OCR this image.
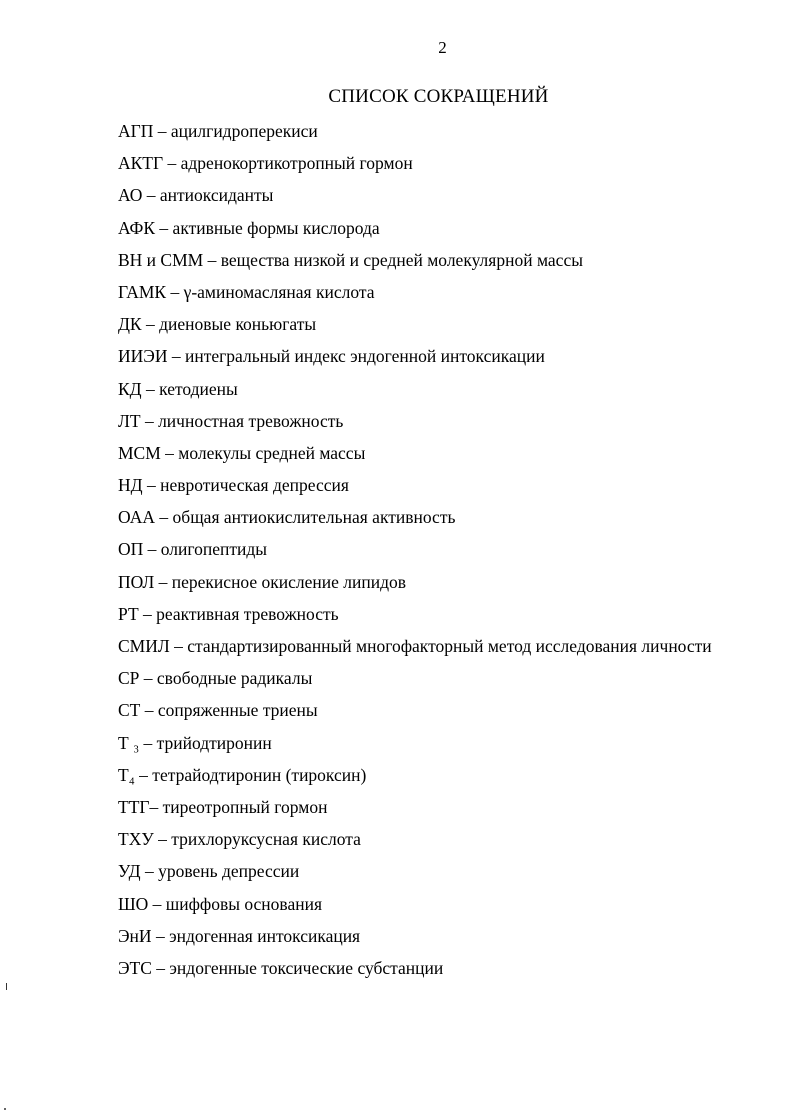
2
СПИСОК СОКРАЩЕНИЙ
АГП – ацилгидроперекиси
АКТГ – адренокортикотропный гормон
АО – антиоксиданты
АФК – активные формы кислорода
ВН и СММ – вещества низкой и средней молекулярной массы
ГАМК – γ-аминомасляная кислота
ДК – диеновые коньюгаты
ИИЭИ – интегральный индекс эндогенной интоксикации
КД – кетодиены
ЛТ – личностная тревожность
МСМ – молекулы средней массы
НД – невротическая депрессия
ОАА – общая антиокислительная активность
ОП – олигопептиды
ПОЛ – перекисное окисление липидов
РТ – реактивная тревожность
СМИЛ – стандартизированный многофакторный метод исследования личности
СР – свободные радикалы
СТ – сопряженные триены
Т ₃ – трийодтиронин
Т₄ – тетрайодтиронин (тироксин)
ТТГ– тиреотропный гормон
ТХУ – трихлоруксусная кислота
УД – уровень депрессии
ШО – шиффовы основания
ЭнИ – эндогенная интоксикация
ЭТС – эндогенные токсические субстанции
